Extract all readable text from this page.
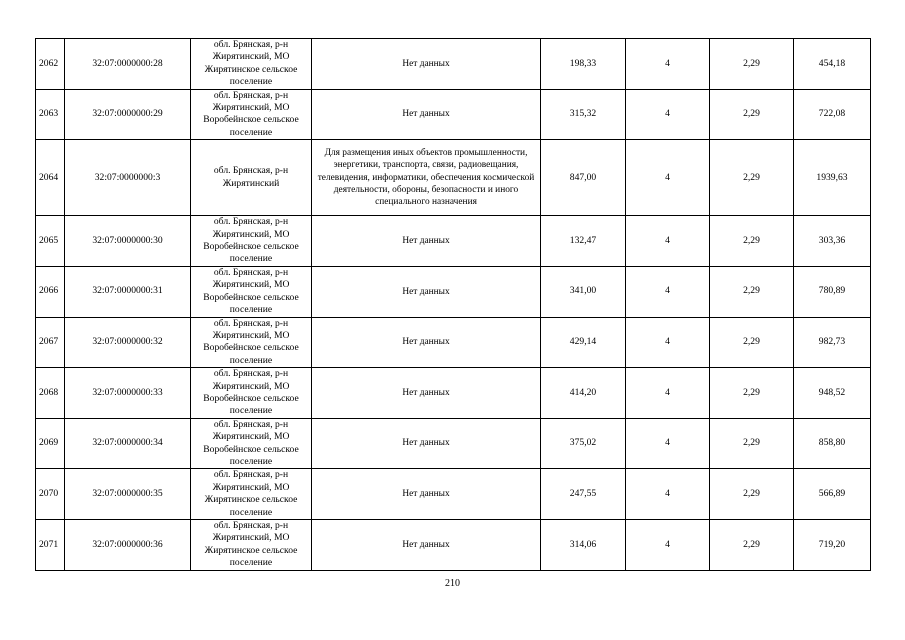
2062	32:07:0000000:28	обл. Брянская, р-н Жирятинский, МО Жирятинское сельское поселение	Нет данных	198,33	4	2,29	454,18
2063	32:07:0000000:29	обл. Брянская, р-н Жирятинский, МО Воробейнское сельское поселение	Нет данных	315,32	4	2,29	722,08
2064	32:07:0000000:3	обл. Брянская, р-н Жирятинский	Для размещения иных объектов промышленности, энергетики, транспорта, связи, радиовещания, телевидения, информатики, обеспечения космической деятельности, обороны, безопасности и иного специального назначения	847,00	4	2,29	1939,63
2065	32:07:0000000:30	обл. Брянская, р-н Жирятинский, МО Воробейнское сельское поселение	Нет данных	132,47	4	2,29	303,36
2066	32:07:0000000:31	обл. Брянская, р-н Жирятинский, МО Воробейнское сельское поселение	Нет данных	341,00	4	2,29	780,89
2067	32:07:0000000:32	обл. Брянская, р-н Жирятинский, МО Воробейнское сельское поселение	Нет данных	429,14	4	2,29	982,73
2068	32:07:0000000:33	обл. Брянская, р-н Жирятинский, МО Воробейнское сельское поселение	Нет данных	414,20	4	2,29	948,52
2069	32:07:0000000:34	обл. Брянская, р-н Жирятинский, МО Воробейнское сельское поселение	Нет данных	375,02	4	2,29	858,80
2070	32:07:0000000:35	обл. Брянская, р-н Жирятинский, МО Жирятинское сельское поселение	Нет данных	247,55	4	2,29	566,89
2071	32:07:0000000:36	обл. Брянская, р-н Жирятинский, МО Жирятинское сельское поселение	Нет данных	314,06	4	2,29	719,20
210
